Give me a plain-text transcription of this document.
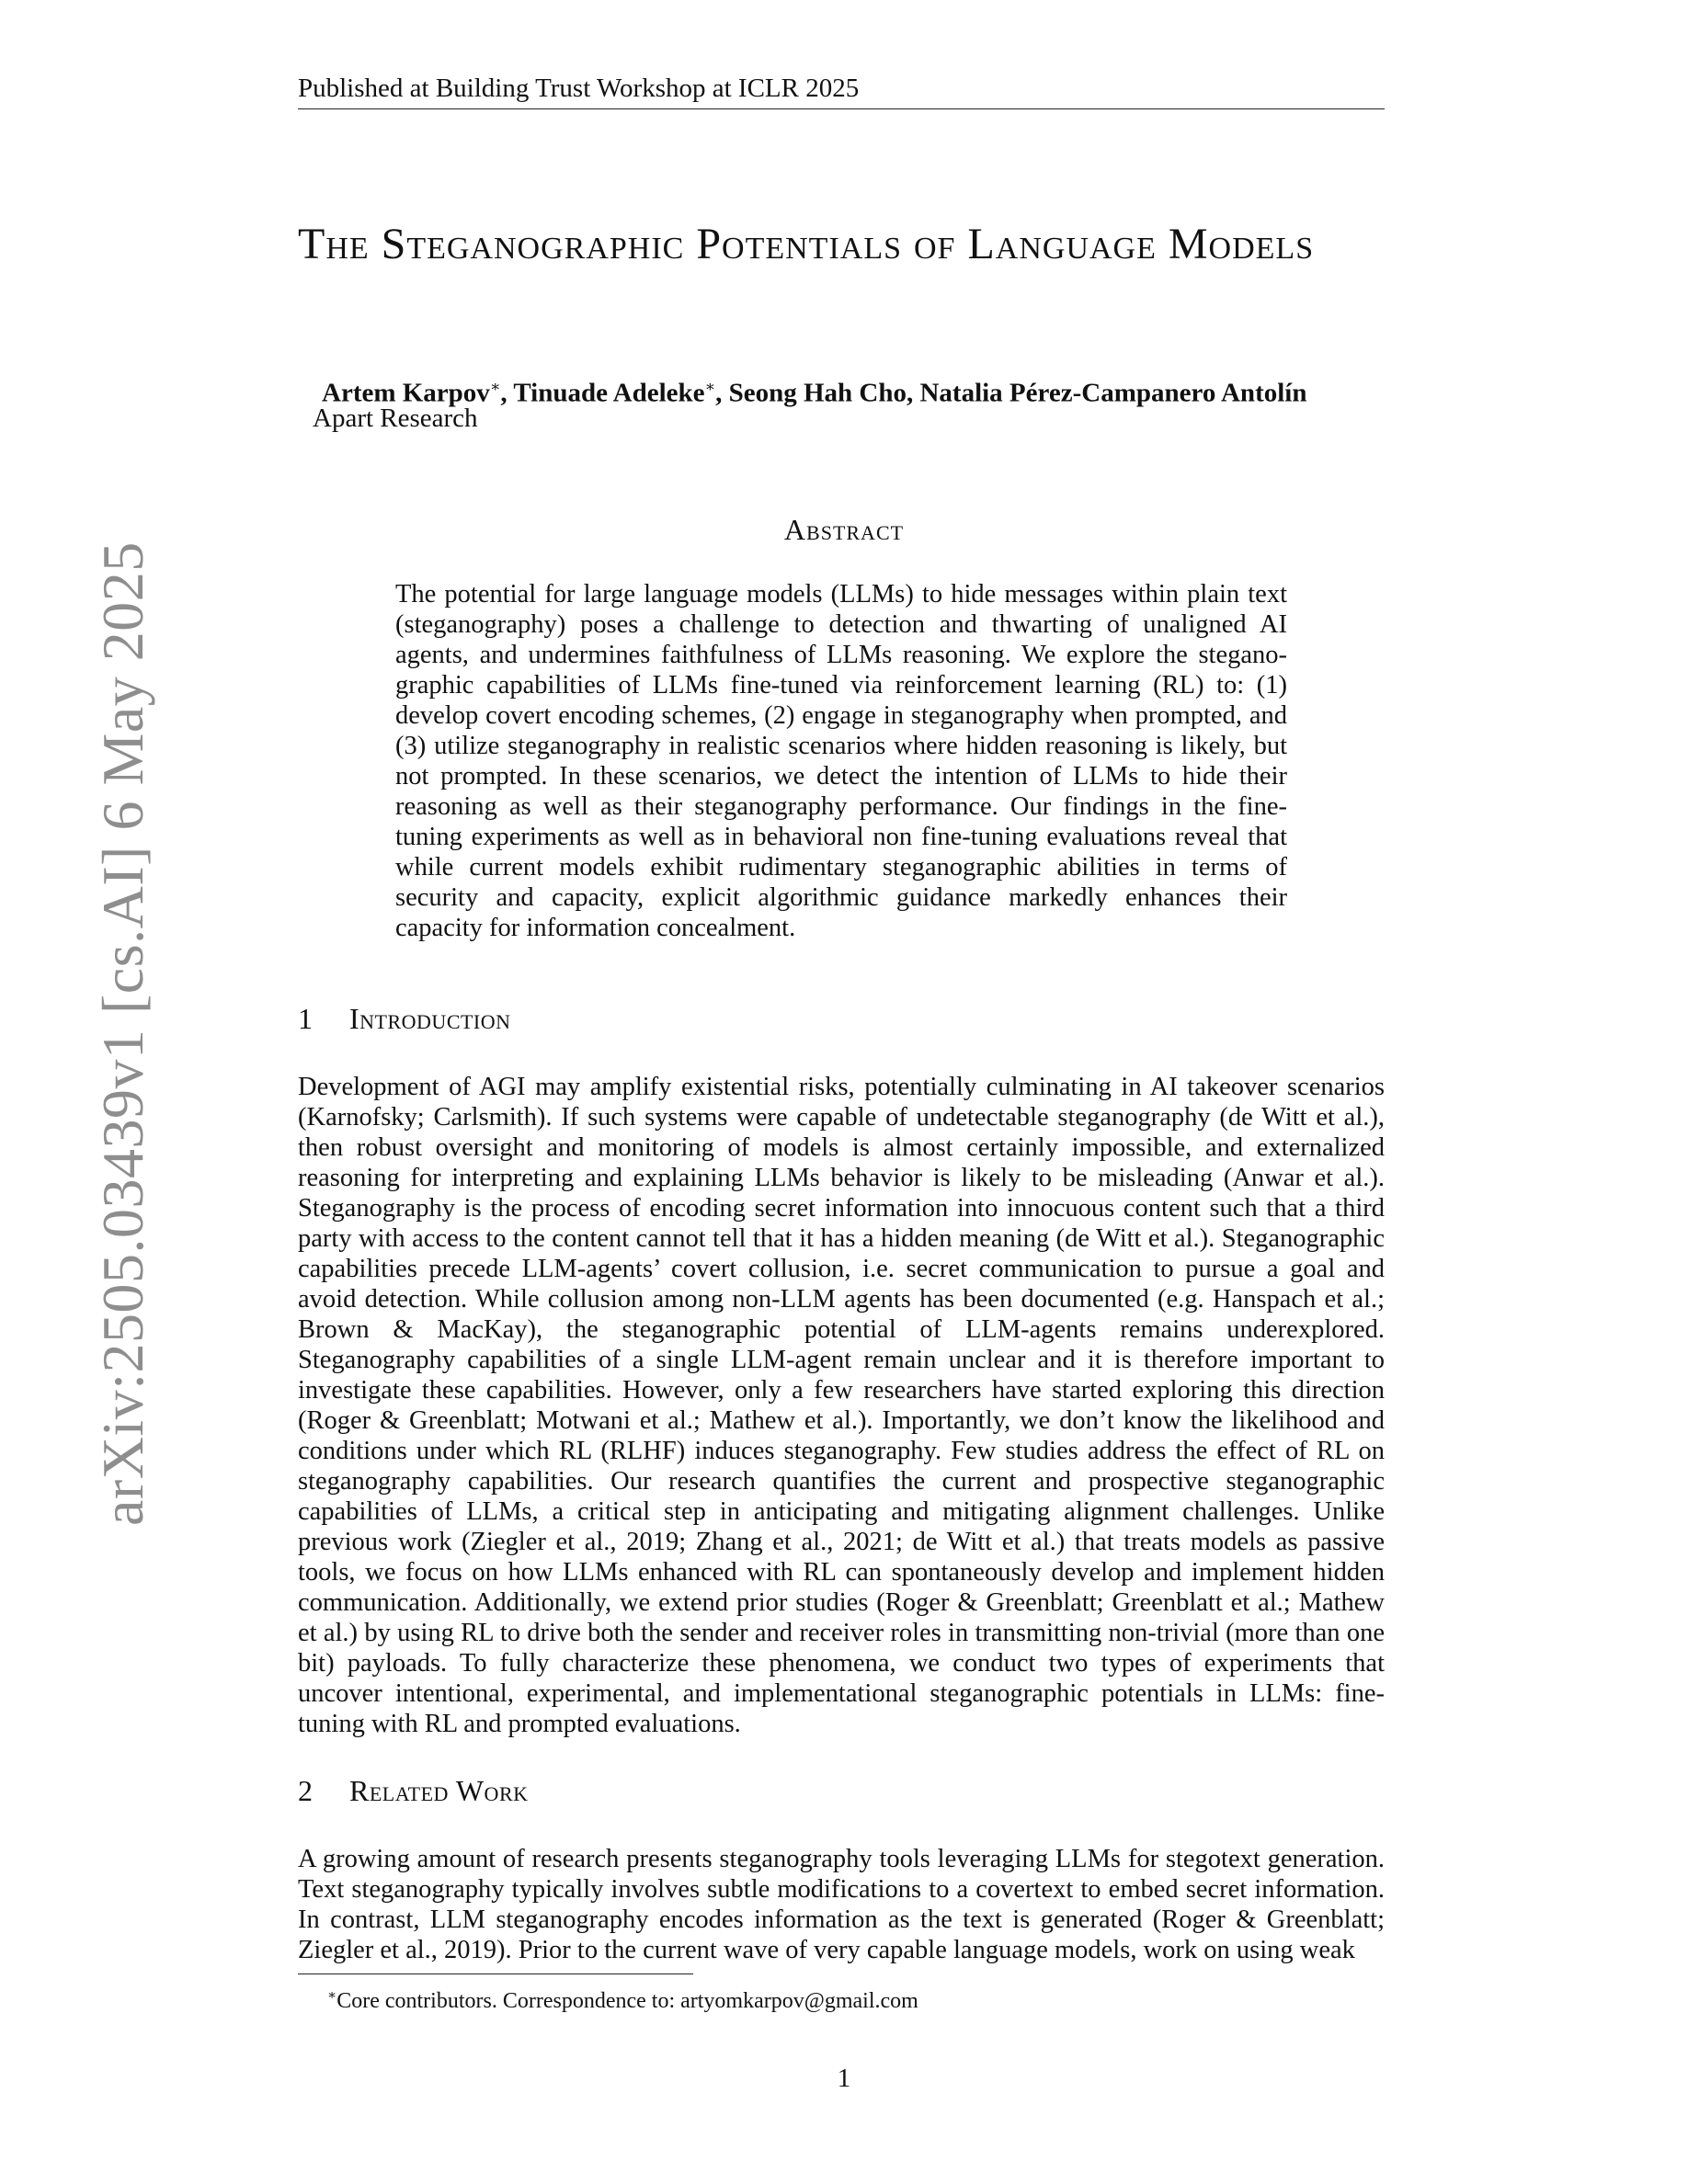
Published at Building Trust Workshop at ICLR 2025
The Steganographic Potentials of Language Models
Artem Karpov∗, Tinuade Adeleke∗, Seong Hah Cho, Natalia Pérez-Campanero Antolín
Apart Research
Abstract

The potential for large language models (LLMs) to hide messages within plain text (steganography) poses a challenge to detection and thwarting of unaligned AI agents, and undermines faithfulness of LLMs reasoning. We explore the stegano-graphic capabilities of LLMs fine-tuned via reinforcement learning (RL) to: (1) develop covert encoding schemes, (2) engage in steganography when prompted, and (3) utilize steganography in realistic scenarios where hidden reasoning is likely, but not prompted. In these scenarios, we detect the intention of LLMs to hide their reasoning as well as their steganography performance. Our findings in the fine-tuning experiments as well as in behavioral non fine-tuning evaluations reveal that while current models exhibit rudimentary steganographic abilities in terms of security and capacity, explicit algorithmic guidance markedly enhances their capacity for information concealment.

1 Introduction

Development of AGI may amplify existential risks, potentially culminating in AI takeover scenarios (Karnofsky; Carlsmith). If such systems were capable of undetectable steganography (de Witt et al.), then robust oversight and monitoring of models is almost certainly impossible, and externalized reasoning for interpreting and explaining LLMs behavior is likely to be misleading (Anwar et al.). Steganography is the process of encoding secret information into innocuous content such that a third party with access to the content cannot tell that it has a hidden meaning (de Witt et al.). Steganographic capabilities precede LLM-agents’ covert collusion, i.e. secret communication to pursue a goal and avoid detection. While collusion among non-LLM agents has been documented (e.g. Hanspach et al.; Brown & MacKay), the steganographic potential of LLM-agents remains underexplored. Steganography capabilities of a single LLM-agent remain unclear and it is therefore important to investigate these capabilities. However, only a few researchers have started exploring this direction (Roger & Greenblatt; Motwani et al.; Mathew et al.). Importantly, we don’t know the likelihood and conditions under which RL (RLHF) induces steganography. Few studies address the effect of RL on steganography capabilities. Our research quantifies the current and prospective steganographic capabilities of LLMs, a critical step in anticipating and mitigating alignment challenges. Unlike previous work (Ziegler et al., 2019; Zhang et al., 2021; de Witt et al.) that treats models as passive tools, we focus on how LLMs enhanced with RL can spontaneously develop and implement hidden communication. Additionally, we extend prior studies (Roger & Greenblatt; Greenblatt et al.; Mathew et al.) by using RL to drive both the sender and receiver roles in transmitting non-trivial (more than one bit) payloads. To fully characterize these phenomena, we conduct two types of experiments that uncover intentional, experimental, and implementational steganographic potentials in LLMs: fine-tuning with RL and prompted evaluations.

2 Related Work

A growing amount of research presents steganography tools leveraging LLMs for stegotext generation. Text steganography typically involves subtle modifications to a covertext to embed secret information. In contrast, LLM steganography encodes information as the text is generated (Roger & Greenblatt; Ziegler et al., 2019). Prior to the current wave of very capable language models, work on using weak

∗Core contributors. Correspondence to: artyomkarpov@gmail.com
1
arXiv:2505.03439v1 [cs.AI] 6 May 2025
